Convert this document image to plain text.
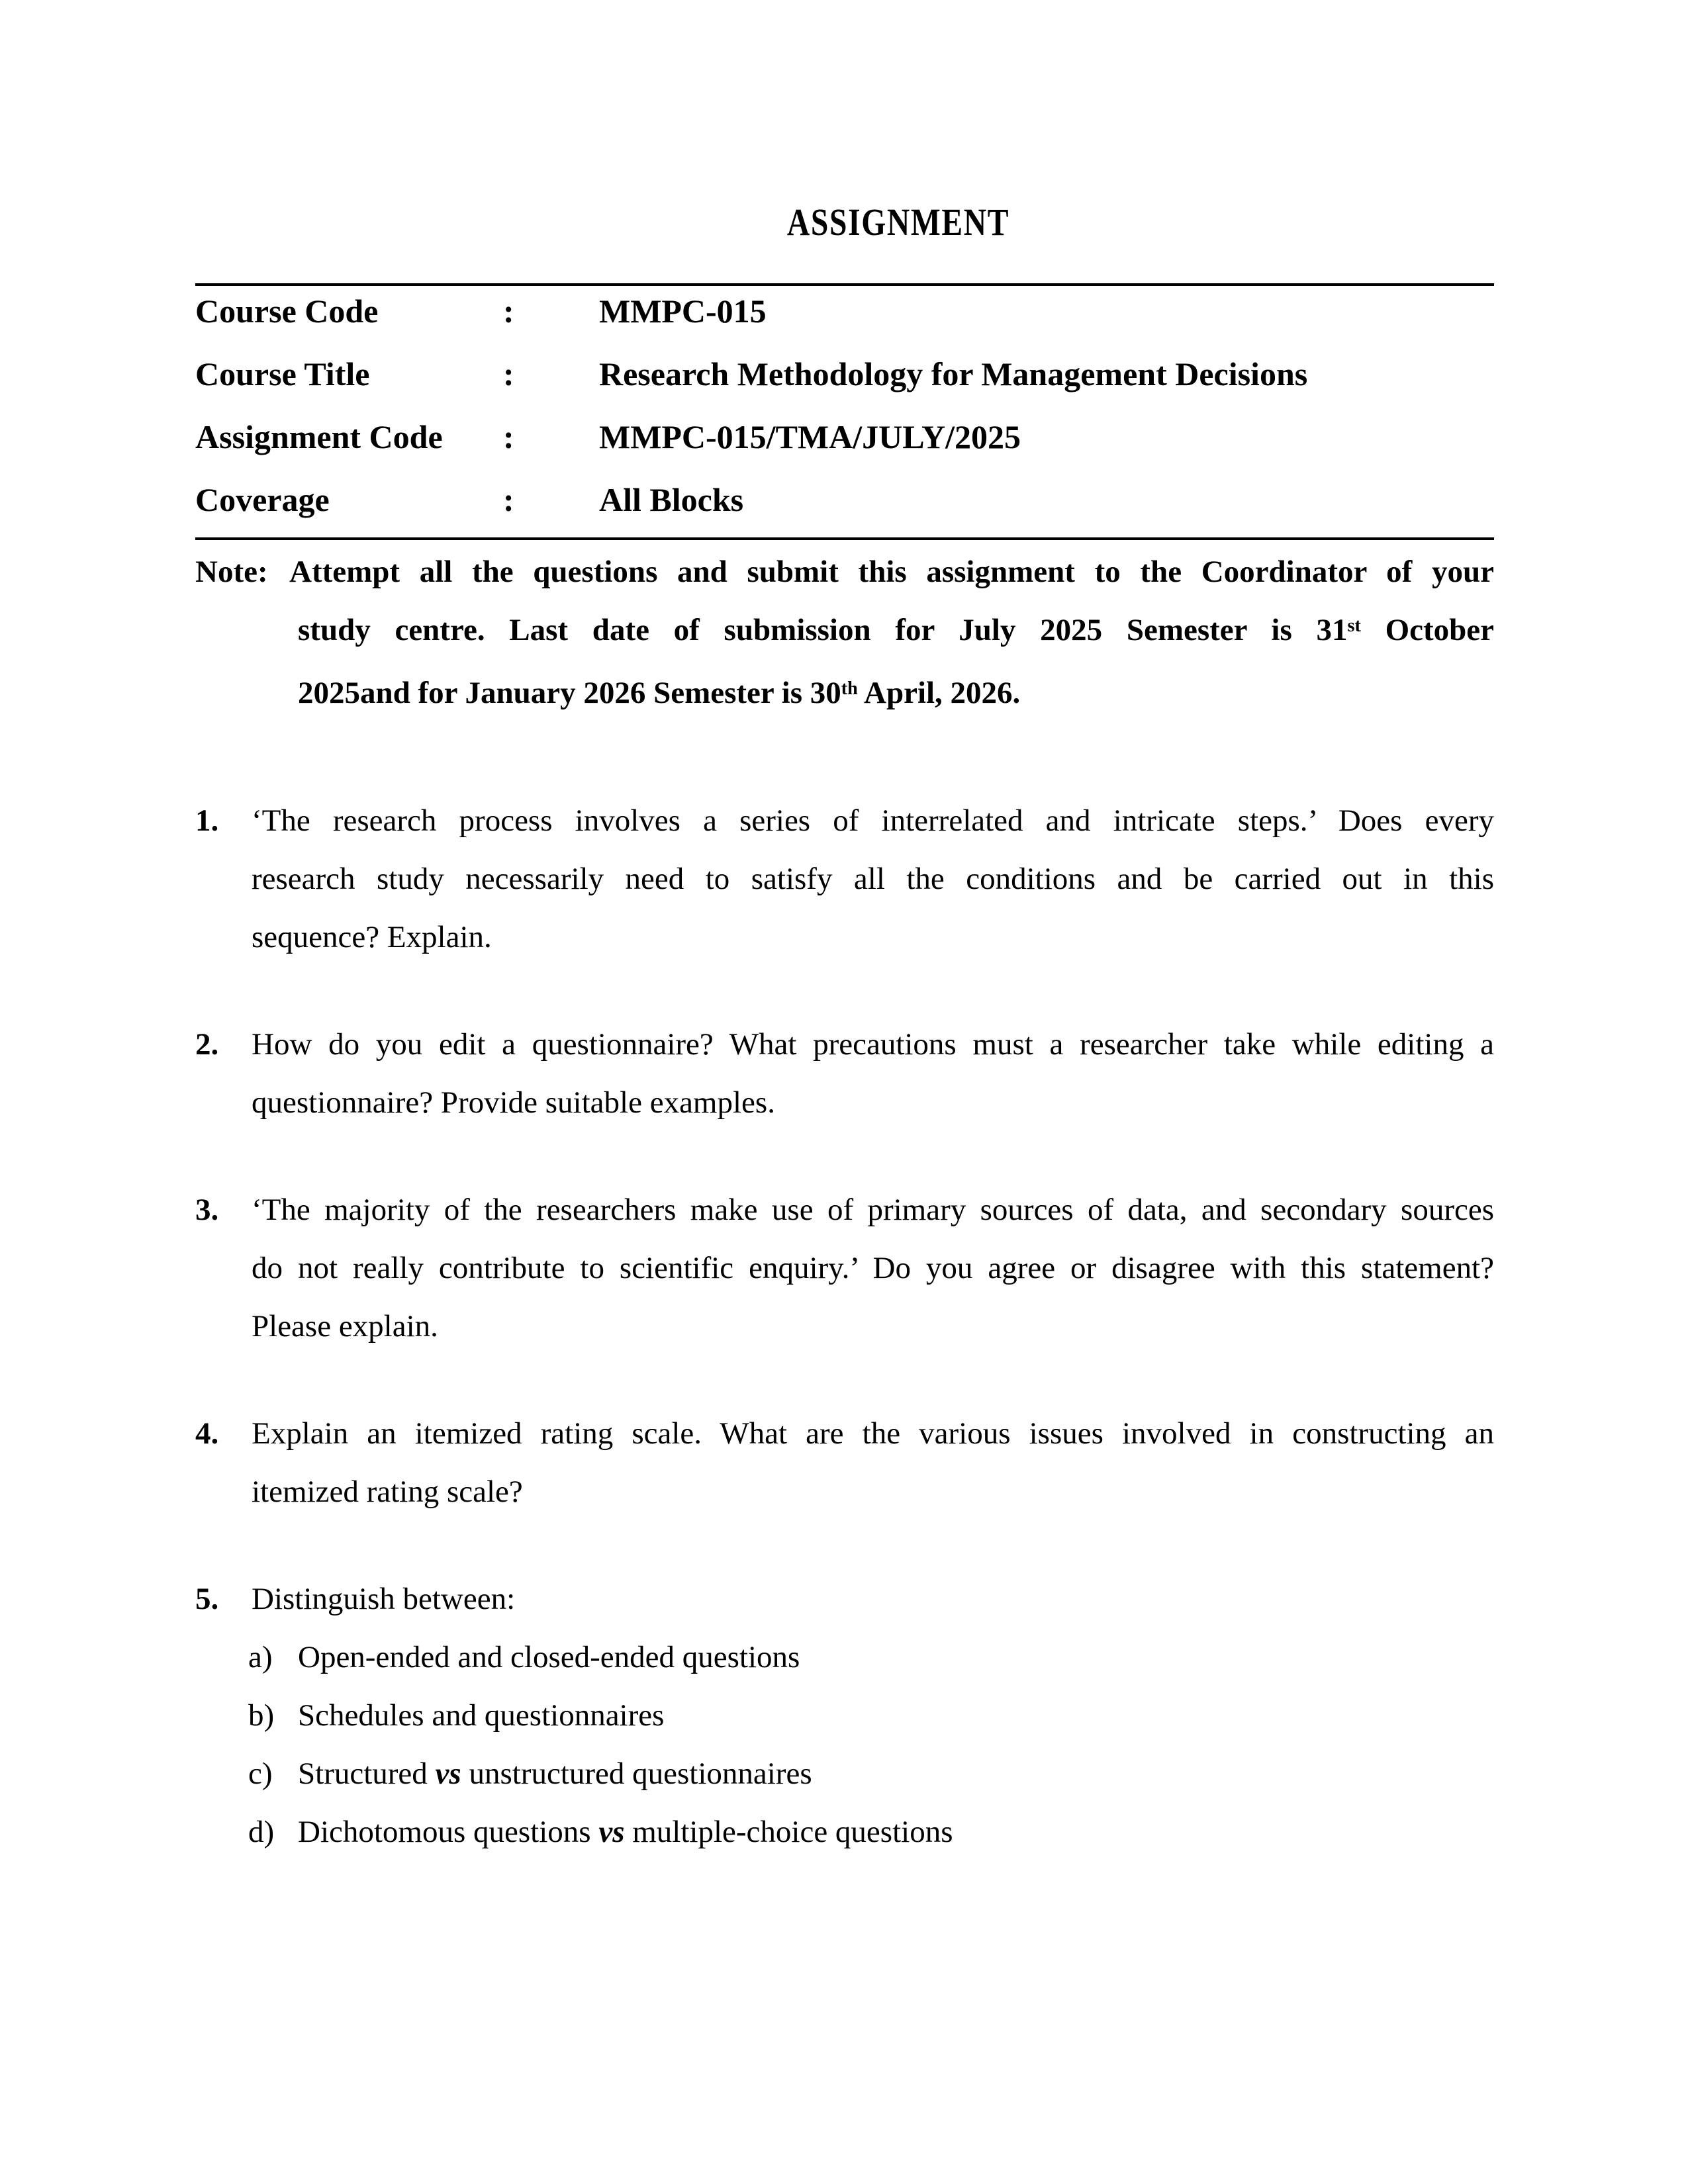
ASSIGNMENT
Course Code	:	MMPC-015
Course Title	:	Research Methodology for Management Decisions
Assignment Code	:	MMPC-015/TMA/JULY/2025
Coverage	:	All Blocks
Note: Attempt all the questions and submit this assignment to the Coordinator of your
study centre. Last date of submission for July 2025 Semester is 31st October
2025and for January 2026 Semester is 30th April, 2026.
1. ‘The research process involves a series of interrelated and intricate steps.’ Does every
research study necessarily need to satisfy all the conditions and be carried out in this
sequence? Explain.
2. How do you edit a questionnaire? What precautions must a researcher take while editing a
questionnaire? Provide suitable examples.
3. ‘The majority of the researchers make use of primary sources of data, and secondary sources
do not really contribute to scientific enquiry.’ Do you agree or disagree with this statement?
Please explain.
4. Explain an itemized rating scale. What are the various issues involved in constructing an
itemized rating scale?
5. Distinguish between:
a) Open-ended and closed-ended questions
b) Schedules and questionnaires
c) Structured vs unstructured questionnaires
d) Dichotomous questions vs multiple-choice questions
